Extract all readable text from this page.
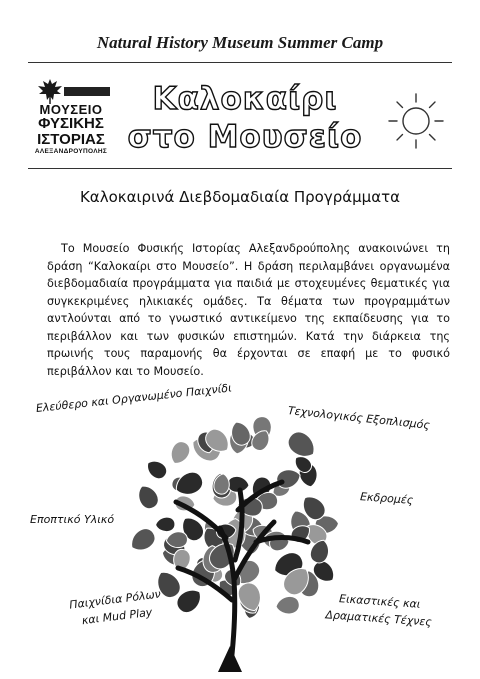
Natural History Museum Summer Camp
ΜΟΥΣΕΙΟ
ΦΥΣΙΚΗΣ
ΙΣΤΟΡΙΑΣ
ΑΛΕΞΑΝΔΡΟΥΠΟΛΗΣ
Καλοκαίρι
στο Μουσείο
Καλοκαιρινά Διεβδομαδιαία Προγράμματα
Το Μουσείο Φυσικής Ιστορίας Αλεξανδρούπολης ανακοινώνει τη δράση “Καλοκαίρι στο Μουσείο”. Η δράση περιλαμβάνει οργανωμένα διεβδομαδιαία προγράμματα για παιδιά με στοχευμένες θεματικές για συγκεκριμένες ηλικιακές ομάδες. Τα θέματα των προγραμμάτων αντλούνται από το γνωστικό αντικείμενο της εκπαίδευσης για το περιβάλλον και των φυσικών επιστημών. Κατά την διάρκεια της πρωινής τους παραμονής θα έρχονται σε επαφή με το φυσικό περιβάλλον και το Μουσείο.
Ελεύθερο και Οργανωμένο Παιχνίδι
Τεχνολογικός Εξοπλισμός
Εποπτικό Υλικό
Εκδρομές
Παιχνίδια Ρόλων
και Mud Play
Εικαστικές και
Δραματικές Τέχνες
